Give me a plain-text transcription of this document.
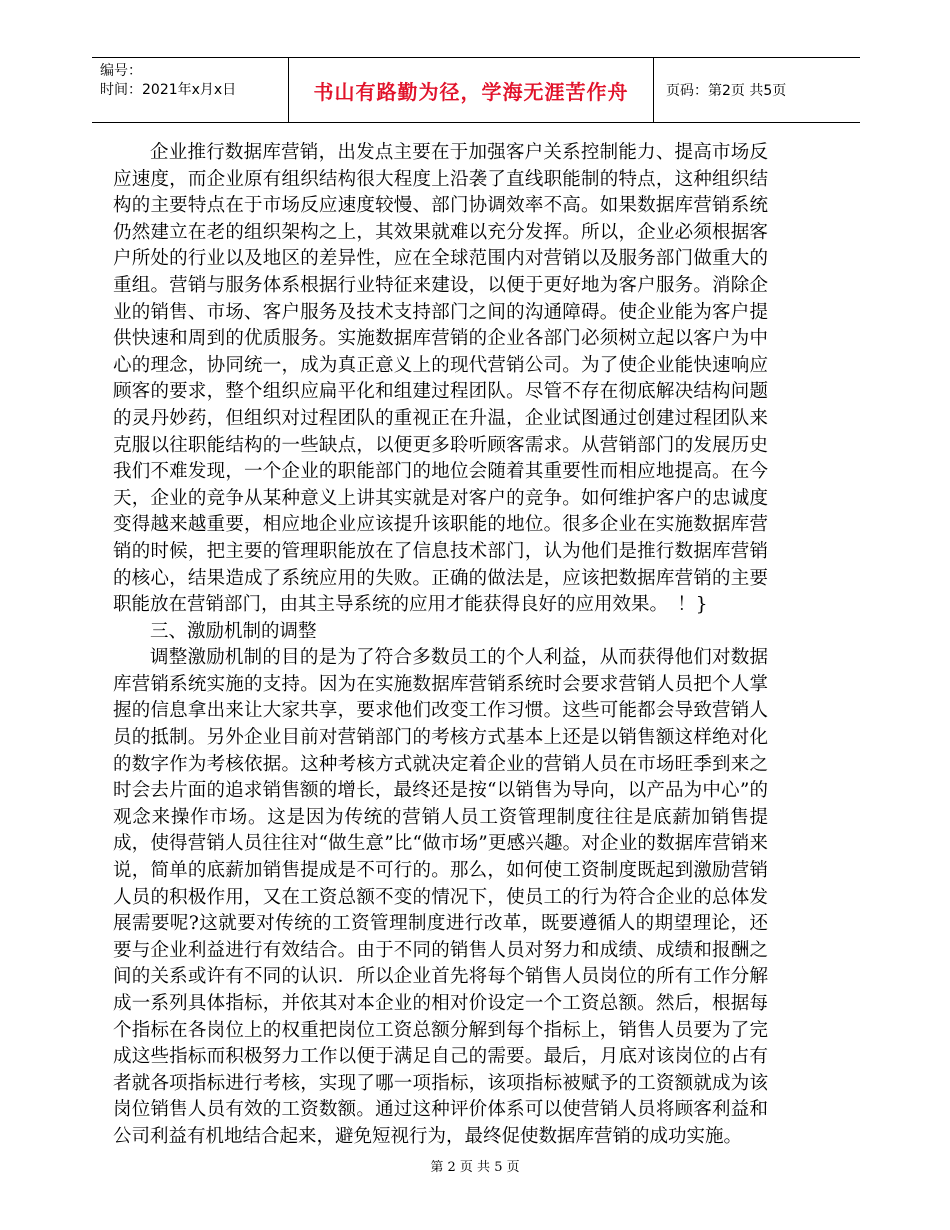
编号：
时间：2021年x月x日	书山有路勤为径，学海无涯苦作舟	页码：第2页 共5页

企业推行数据库营销，出发点主要在于加强客户关系控制能力、提高市场反应速度，而企业原有组织结构很大程度上沿袭了直线职能制的特点，这种组织结构的主要特点在于市场反应速度较慢、部门协调效率不高。如果数据库营销系统仍然建立在老的组织架构之上，其效果就难以充分发挥。所以，企业必须根据客户所处的行业以及地区的差异性，应在全球范围内对营销以及服务部门做重大的重组。营销与服务体系根据行业特征来建设，以便于更好地为客户服务。消除企业的销售、市场、客户服务及技术支持部门之间的沟通障碍。使企业能为客户提供快速和周到的优质服务。实施数据库营销的企业各部门必须树立起以客户为中心的理念，协同统一，成为真正意义上的现代营销公司。为了使企业能快速响应顾客的要求，整个组织应扁平化和组建过程团队。尽管不存在彻底解决结构问题的灵丹妙药，但组织对过程团队的重视正在升温，企业试图通过创建过程团队来克服以往职能结构的一些缺点，以便更多聆听顾客需求。从营销部门的发展历史我们不难发现，一个企业的职能部门的地位会随着其重要性而相应地提高。在今天，企业的竞争从某种意义上讲其实就是对客户的竞争。如何维护客户的忠诚度变得越来越重要，相应地企业应该提升该职能的地位。很多企业在实施数据库营销的时候，把主要的管理职能放在了信息技术部门，认为他们是推行数据库营销的核心，结果造成了系统应用的失败。正确的做法是，应该把数据库营销的主要职能放在营销部门，由其主导系统的应用才能获得良好的应用效果。　！}

三、激励机制的调整

调整激励机制的目的是为了符合多数员工的个人利益，从而获得他们对数据库营销系统实施的支持。因为在实施数据库营销系统时会要求营销人员把个人掌握的信息拿出来让大家共享，要求他们改变工作习惯。这些可能都会导致营销人员的抵制。另外企业目前对营销部门的考核方式基本上还是以销售额这样绝对化的数字作为考核依据。这种考核方式就决定着企业的营销人员在市场旺季到来之时会去片面的追求销售额的增长，最终还是按“以销售为导向，以产品为中心”的观念来操作市场。这是因为传统的营销人员工资管理制度往往是底薪加销售提成，使得营销人员往往对“做生意”比“做市场”更感兴趣。对企业的数据库营销来说，简单的底薪加销售提成是不可行的。那么，如何使工资制度既起到激励营销人员的积极作用，又在工资总额不变的情况下，使员工的行为符合企业的总体发展需要呢?这就要对传统的工资管理制度进行改革，既要遵循人的期望理论，还要与企业利益进行有效结合。由于不同的销售人员对努力和成绩、成绩和报酬之间的关系或许有不同的认识．所以企业首先将每个销售人员岗位的所有工作分解成一系列具体指标，并依其对本企业的相对价设定一个工资总额。然后，根据每个指标在各岗位上的权重把岗位工资总额分解到每个指标上，销售人员要为了完成这些指标而积极努力工作以便于满足自己的需要。最后，月底对该岗位的占有者就各项指标进行考核，实现了哪一项指标，该项指标被赋予的工资额就成为该岗位销售人员有效的工资数额。通过这种评价体系可以使营销人员将顾客利益和公司利益有机地结合起来，避免短视行为，最终促使数据库营销的成功实施。

第 2 页 共 5 页
